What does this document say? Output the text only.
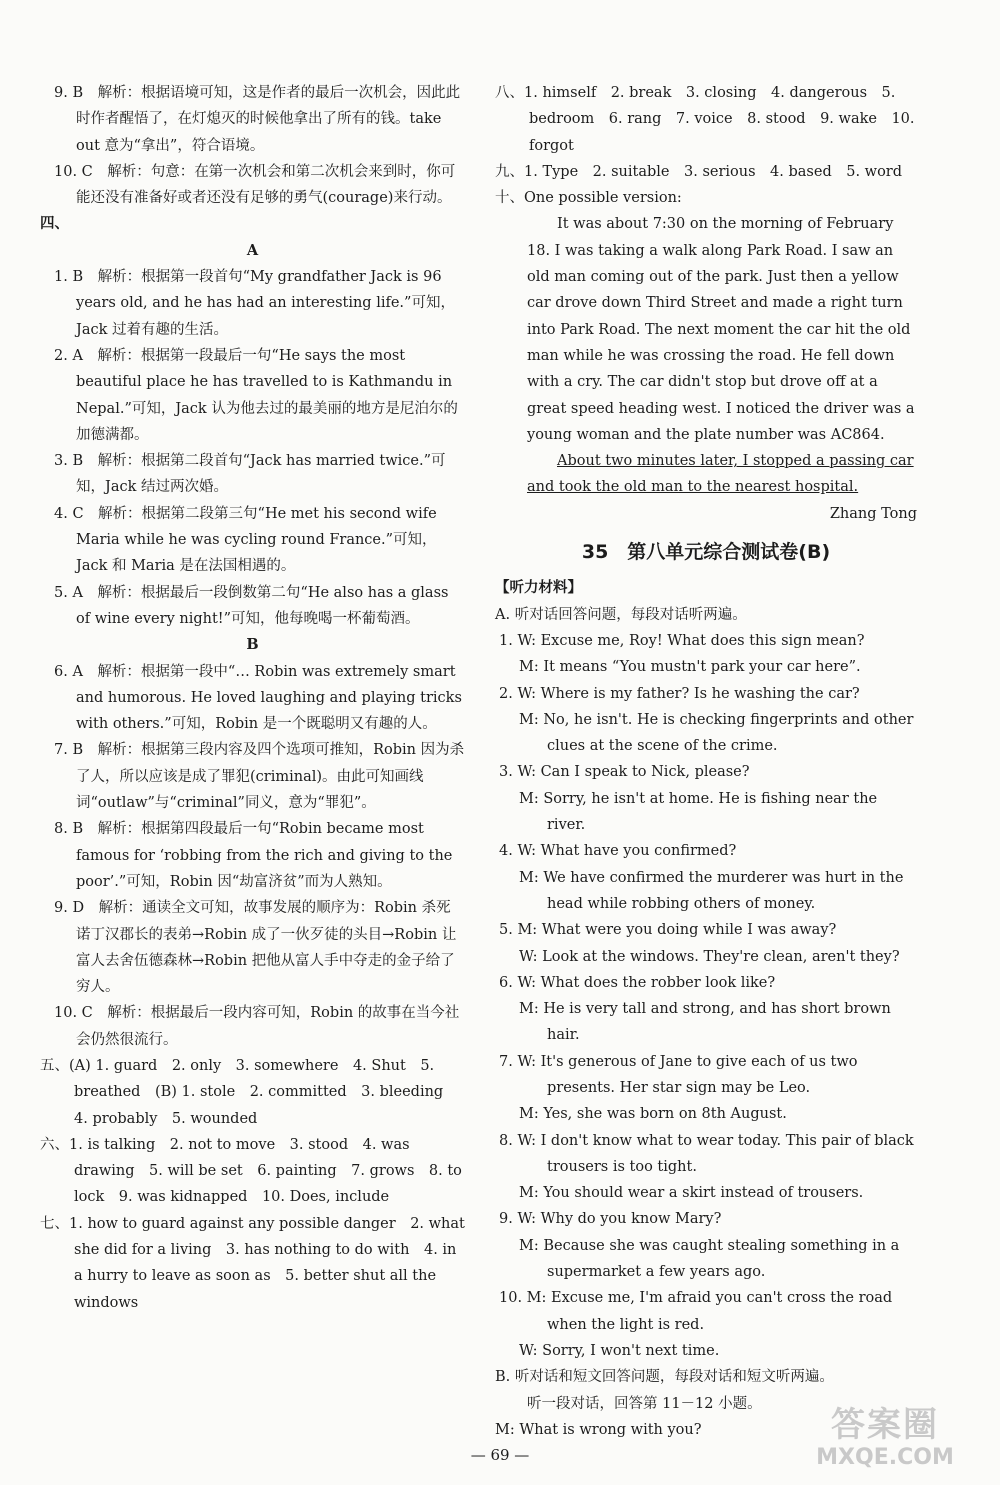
9. B　解析：根据语境可知，这是作者的最后一次机会，因此此时作者醒悟了，在灯熄灭的时候他拿出了所有的钱。take out 意为“拿出”，符合语境。

10. C　解析：句意：在第一次机会和第二次机会来到时，你可能还没有准备好或者还没有足够的勇气(courage)来行动。

四、

A

1. B　解析：根据第一段首句“My grandfather Jack is 96 years old, and he has had an interesting life.”可知，Jack 过着有趣的生活。

2. A　解析：根据第一段最后一句“He says the most beautiful place he has travelled to is Kathmandu in Nepal.”可知，Jack 认为他去过的最美丽的地方是尼泊尔的加德满都。

3. B　解析：根据第二段首句“Jack has married twice.”可知，Jack 结过两次婚。

4. C　解析：根据第二段第三句“He met his second wife Maria while he was cycling round France.”可知，Jack 和 Maria 是在法国相遇的。

5. A　解析：根据最后一段倒数第二句“He also has a glass of wine every night!”可知，他每晚喝一杯葡萄酒。

B

6. A　解析：根据第一段中“… Robin was extremely smart and humorous. He loved laughing and playing tricks with others.”可知，Robin 是一个既聪明又有趣的人。

7. B　解析：根据第三段内容及四个选项可推知，Robin 因为杀了人，所以应该是成了罪犯(criminal)。由此可知画线词“outlaw”与“criminal”同义，意为“罪犯”。

8. B　解析：根据第四段最后一句“Robin became most famous for ‘robbing from the rich and giving to the poor’.”可知，Robin 因“劫富济贫”而为人熟知。

9. D　解析：通读全文可知，故事发展的顺序为：Robin 杀死诺丁汉郡长的表弟→Robin 成了一伙歹徒的头目→Robin 让富人去舍伍德森林→Robin 把他从富人手中夺走的金子给了穷人。

10. C　解析：根据最后一段内容可知，Robin 的故事在当今社会仍然很流行。

五、(A) 1. guard　2. only　3. somewhere　4. Shut　5. breathed　(B) 1. stole　2. committed　3. bleeding　4. probably　5. wounded

六、1. is talking　2. not to move　3. stood　4. was drawing　5. will be set　6. painting　7. grows　8. to lock　9. was kidnapped　10. Does, include

七、1. how to guard against any possible danger　2. what she did for a living　3. has nothing to do with　4. in a hurry to leave as soon as　5. better shut all the windows

八、1. himself　2. break　3. closing　4. dangerous　5. bedroom　6. rang　7. voice　8. stood　9. wake　10. forgot

九、1. Type　2. suitable　3. serious　4. based　5. word

十、One possible version:

It was about 7:30 on the morning of February 18. I was taking a walk along Park Road. I saw an old man coming out of the park. Just then a yellow car drove down Third Street and made a right turn into Park Road. The next moment the car hit the old man while he was crossing the road. He fell down with a cry. The car didn't stop but drove off at a great speed heading west. I noticed the driver was a young woman and the plate number was AC864.

About two minutes later, I stopped a passing car and took the old man to the nearest hospital.

Zhang Tong

35　第八单元综合测试卷(B)

【听力材料】

A. 听对话回答问题，每段对话听两遍。

1. W: Excuse me, Roy! What does this sign mean?

M: It means “You mustn't park your car here”.

2. W: Where is my father? Is he washing the car?

M: No, he isn't. He is checking fingerprints and other clues at the scene of the crime.

3. W: Can I speak to Nick, please?

M: Sorry, he isn't at home. He is fishing near the river.

4. W: What have you confirmed?

M: We have confirmed the murderer was hurt in the head while robbing others of money.

5. M: What were you doing while I was away?

W: Look at the windows. They're clean, aren't they?

6. W: What does the robber look like?

M: He is very tall and strong, and has short brown hair.

7. W: It's generous of Jane to give each of us two presents. Her star sign may be Leo.

M: Yes, she was born on 8th August.

8. W: I don't know what to wear today. This pair of black trousers is too tight.

M: You should wear a skirt instead of trousers.

9. W: Why do you know Mary?

M: Because she was caught stealing something in a supermarket a few years ago.

10. M: Excuse me, I'm afraid you can't cross the road when the light is red.

W: Sorry, I won't next time.

B. 听对话和短文回答问题，每段对话和短文听两遍。

听一段对话，回答第 11－12 小题。

M: What is wrong with you?

— 69 —
答案圈
MXQE.COM
